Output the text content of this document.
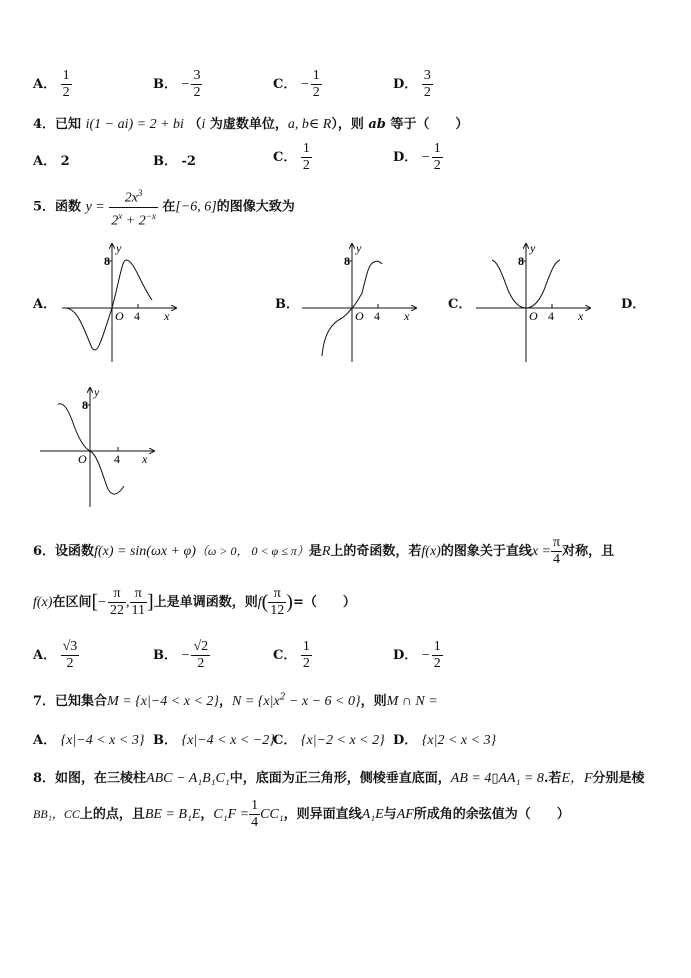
A． $\frac{1}{2}$	B． − $\frac{3}{2}$	C． − $\frac{1}{2}$	D． $\frac{3}{2}$
4．已知 i(1 − ai) = 2 + bi （i 为虚数单位，a, b∈ R），则 ab 等于（　　）
A． 2	B． -2	C． $\frac{1}{2}$	D． − $\frac{1}{2}$
5．函数 $y = \frac{2x^3}{2^x + 2^{-x}}$ 在[−6, 6]的图像大致为
A．	B．	C．	D．
y
8
O 4 x
y
8
O 4 x
y
8
O 4 x
y
8
O 4 x
6．设函数f(x) = sin(ωx + φ)（ω > 0， 0 < φ ≤ π）是R上的奇函数，若f(x)的图象关于直线$x = \frac{\pi}{4}$ 对称，且
f(x)在区间[− $\frac{\pi}{22}$ , $\frac{\pi}{11}$ ]上是单调函数，则$f( \frac{\pi}{12}$ )=（　　）
A． $\frac{√3}{2}$	B． − $\frac{√2}{2}$	C． $\frac{1}{2}$	D． − $\frac{1}{2}$
7．已知集合M = {x|−4 < x < 2}，$N = \{x|x^2 - x - 6 < 0\}$，则M ∩ N =
A． {x|−4 < x < 3} B． {x|−4 < x < −2}
C． {x|−2 < x < 2} D． {x|2 < x < 3}
8．如图，在三棱柱ABC − A₁B₁C₁中，底面为正三角形，侧棱垂直底面，AB = 4▯AA₁ = 8.若E，F分别是棱
BB₁，CC上的点，且BE = B₁E，$C_1F = \frac{1}{4} CC_1$，则异面直线A₁E与AF所成角的余弦值为（　　）
